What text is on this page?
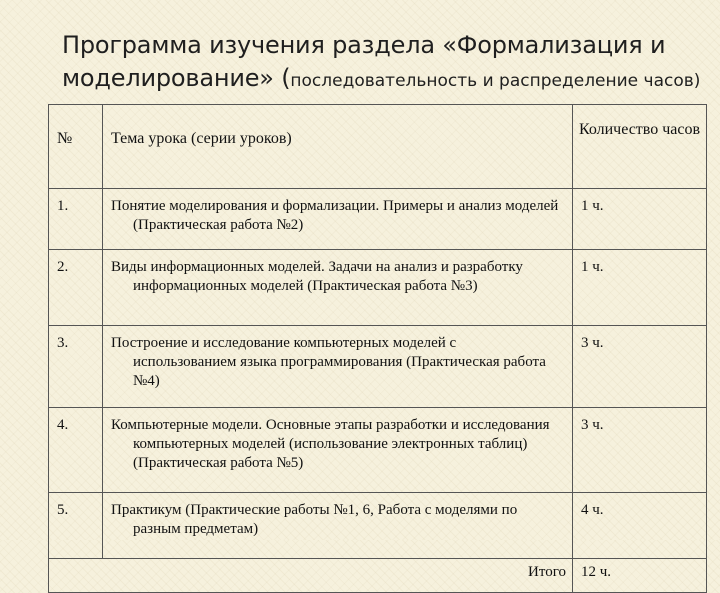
Программа изучения раздела «Формализация и моделирование» (последовательность и распределение часов)
№	Тема урока (серии уроков)	Количество часов
1.	Понятие моделирования и формализации. Примеры и анализ моделей (Практическая работа №2)	1 ч.
2.	Виды информационных моделей. Задачи на анализ и разработку информационных моделей (Практическая работа №3)	1 ч.
3.	Построение и исследование компьютерных моделей с использованием языка программирования (Практическая работа №4)	3 ч.
4.	Компьютерные модели. Основные этапы разработки и исследования компьютерных моделей (использование электронных таблиц) (Практическая работа №5)	3 ч.
5.	Практикум (Практические работы №1, 6, Работа с моделями по разным предметам)	4 ч.
Итого		12 ч.
